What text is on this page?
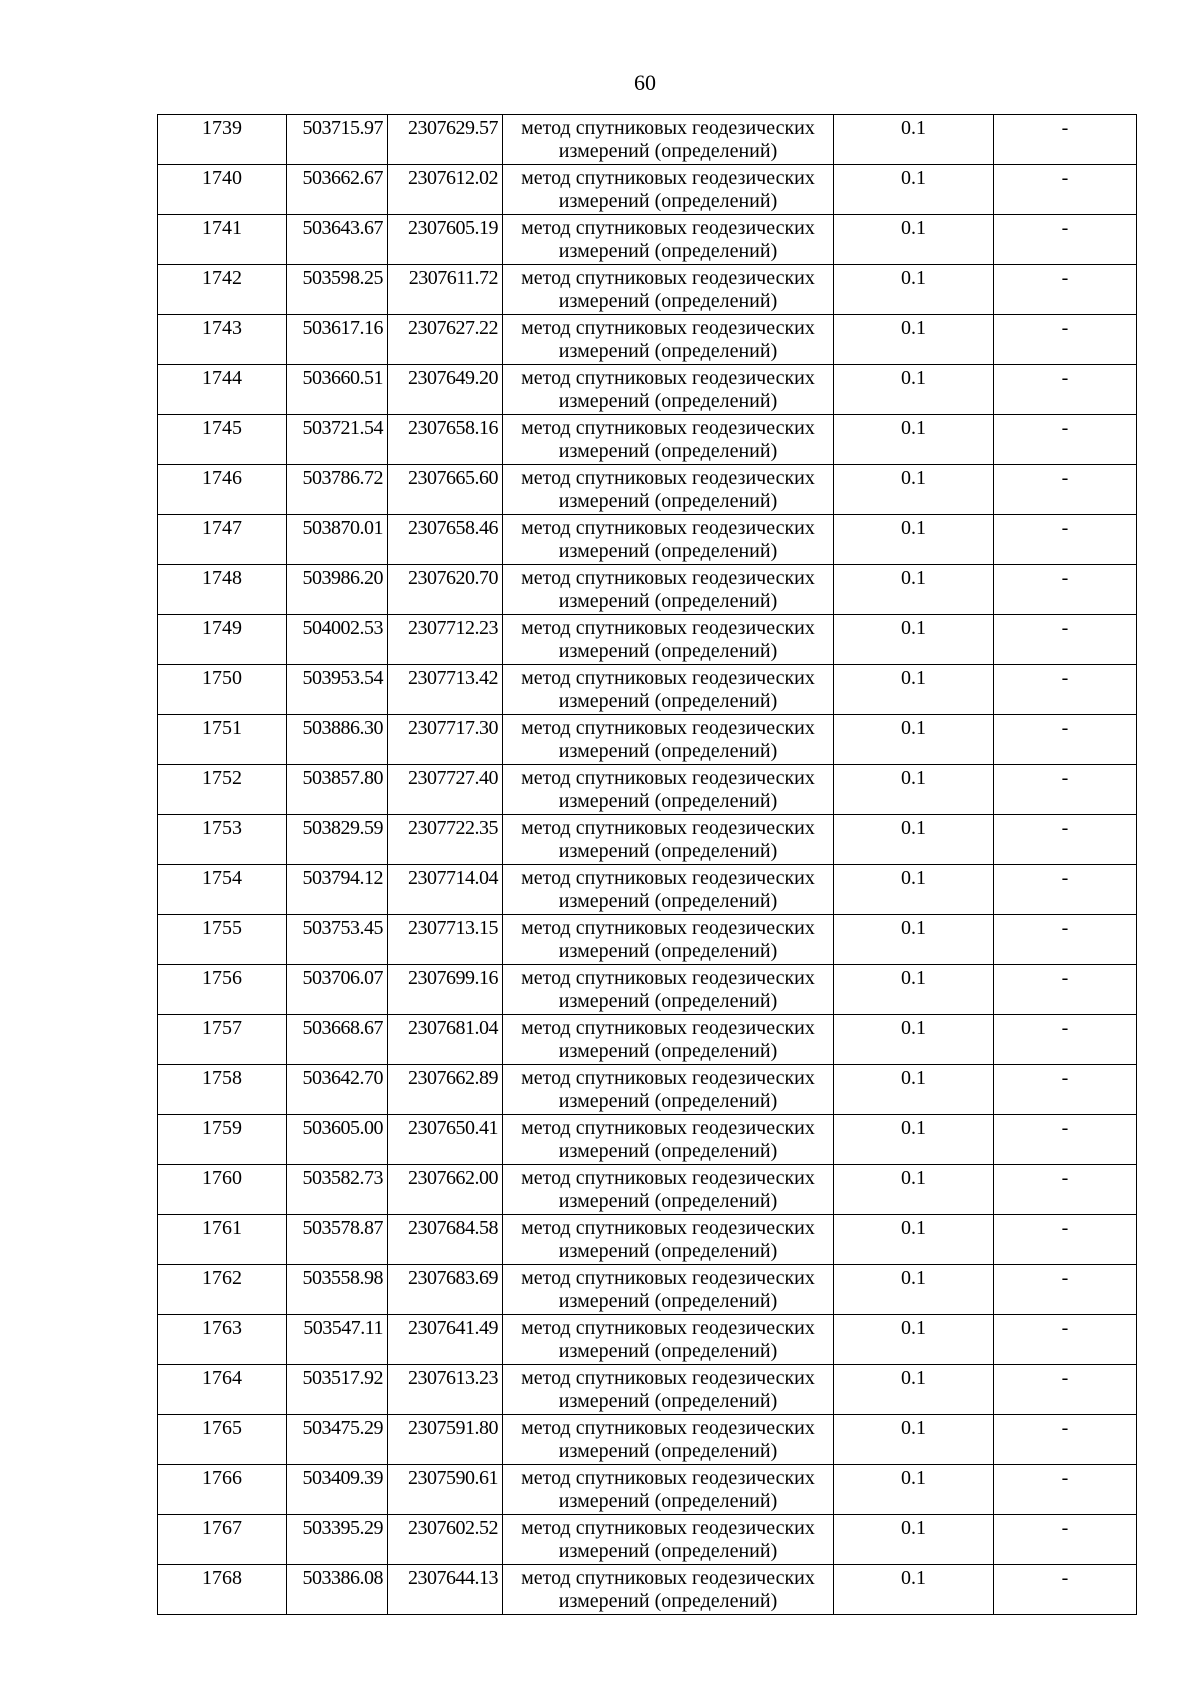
60
1739	503715.97	2307629.57	метод спутниковых геодезических измерений (определений)	0.1	-
1740	503662.67	2307612.02	метод спутниковых геодезических измерений (определений)	0.1	-
1741	503643.67	2307605.19	метод спутниковых геодезических измерений (определений)	0.1	-
1742	503598.25	2307611.72	метод спутниковых геодезических измерений (определений)	0.1	-
1743	503617.16	2307627.22	метод спутниковых геодезических измерений (определений)	0.1	-
1744	503660.51	2307649.20	метод спутниковых геодезических измерений (определений)	0.1	-
1745	503721.54	2307658.16	метод спутниковых геодезических измерений (определений)	0.1	-
1746	503786.72	2307665.60	метод спутниковых геодезических измерений (определений)	0.1	-
1747	503870.01	2307658.46	метод спутниковых геодезических измерений (определений)	0.1	-
1748	503986.20	2307620.70	метод спутниковых геодезических измерений (определений)	0.1	-
1749	504002.53	2307712.23	метод спутниковых геодезических измерений (определений)	0.1	-
1750	503953.54	2307713.42	метод спутниковых геодезических измерений (определений)	0.1	-
1751	503886.30	2307717.30	метод спутниковых геодезических измерений (определений)	0.1	-
1752	503857.80	2307727.40	метод спутниковых геодезических измерений (определений)	0.1	-
1753	503829.59	2307722.35	метод спутниковых геодезических измерений (определений)	0.1	-
1754	503794.12	2307714.04	метод спутниковых геодезических измерений (определений)	0.1	-
1755	503753.45	2307713.15	метод спутниковых геодезических измерений (определений)	0.1	-
1756	503706.07	2307699.16	метод спутниковых геодезических измерений (определений)	0.1	-
1757	503668.67	2307681.04	метод спутниковых геодезических измерений (определений)	0.1	-
1758	503642.70	2307662.89	метод спутниковых геодезических измерений (определений)	0.1	-
1759	503605.00	2307650.41	метод спутниковых геодезических измерений (определений)	0.1	-
1760	503582.73	2307662.00	метод спутниковых геодезических измерений (определений)	0.1	-
1761	503578.87	2307684.58	метод спутниковых геодезических измерений (определений)	0.1	-
1762	503558.98	2307683.69	метод спутниковых геодезических измерений (определений)	0.1	-
1763	503547.11	2307641.49	метод спутниковых геодезических измерений (определений)	0.1	-
1764	503517.92	2307613.23	метод спутниковых геодезических измерений (определений)	0.1	-
1765	503475.29	2307591.80	метод спутниковых геодезических измерений (определений)	0.1	-
1766	503409.39	2307590.61	метод спутниковых геодезических измерений (определений)	0.1	-
1767	503395.29	2307602.52	метод спутниковых геодезических измерений (определений)	0.1	-
1768	503386.08	2307644.13	метод спутниковых геодезических измерений (определений)	0.1	-
